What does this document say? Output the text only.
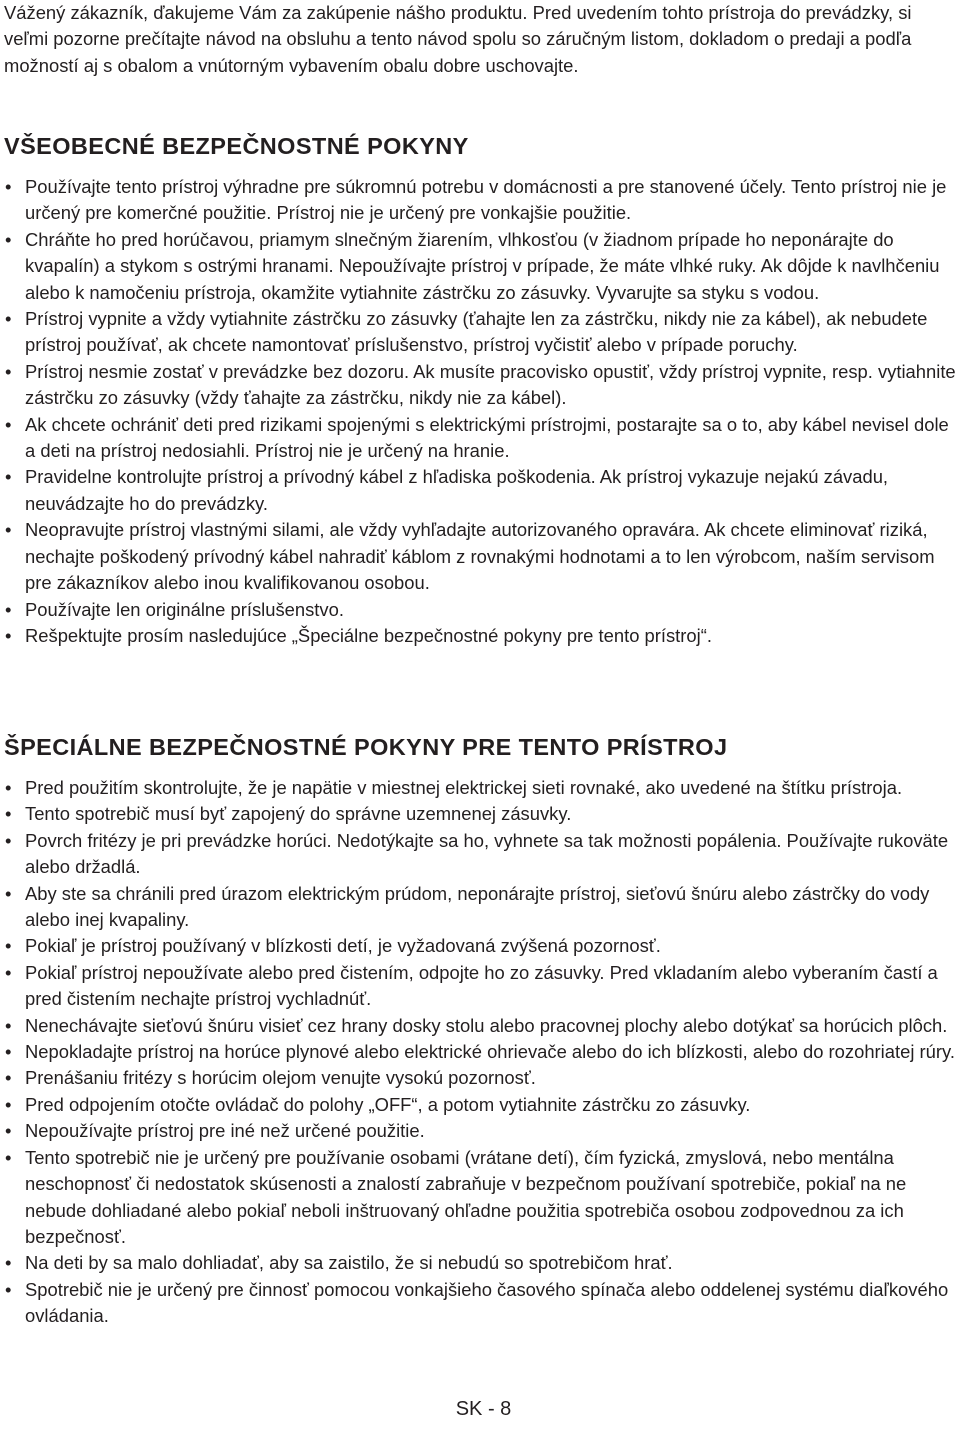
Vážený zákazník, ďakujeme Vám za zakúpenie nášho produktu. Pred uvedením tohto prístroja do prevádzky, si veľmi pozorne prečítajte návod na obsluhu a tento návod spolu so záručným listom, dokladom o predaji a podľa možností aj s obalom a vnútorným vybavením obalu dobre uschovajte.

VŠEOBECNÉ BEZPEČNOSTNÉ POKYNY
• Používajte tento prístroj výhradne pre súkromnú potrebu v domácnosti a pre stanovené účely. Tento prístroj nie je určený pre komerčné použitie. Prístroj nie je určený pre vonkajšie použitie.
• Chráňte ho pred horúčavou, priamym slnečným žiarením, vlhkosťou (v žiadnom prípade ho neponárajte do kvapalín) a stykom s ostrými hranami. Nepoužívajte prístroj v prípade, že máte vlhké ruky. Ak dôjde k navlhčeniu alebo k namočeniu prístroja, okamžite vytiahnite zástrčku zo zásuvky. Vyvarujte sa styku s vodou.
• Prístroj vypnite a vždy vytiahnite zástrčku zo zásuvky (ťahajte len za zástrčku, nikdy nie za kábel), ak nebudete prístroj používať, ak chcete namontovať príslušenstvo, prístroj vyčistiť alebo v prípade poruchy.
• Prístroj nesmie zostať v prevádzke bez dozoru. Ak musíte pracovisko opustiť, vždy prístroj vypnite, resp. vytiahnite zástrčku zo zásuvky (vždy ťahajte za zástrčku, nikdy nie za kábel).
• Ak chcete ochrániť deti pred rizikami spojenými s elektrickými prístrojmi, postarajte sa o to, aby kábel nevisel dole a deti na prístroj nedosiahli. Prístroj nie je určený na hranie.
• Pravidelne kontrolujte prístroj a prívodný kábel z hľadiska poškodenia. Ak prístroj vykazuje nejakú závadu, neuvádzajte ho do prevádzky.
• Neopravujte prístroj vlastnými silami, ale vždy vyhľadajte autorizovaného opravára. Ak chcete eliminovať riziká, nechajte poškodený prívodný kábel nahradiť káblom z rovnakými hodnotami a to len výrobcom, naším servisom pre zákazníkov alebo inou kvalifikovanou osobou.
• Používajte len originálne príslušenstvo.
• Rešpektujte prosím nasledujúce „Špeciálne bezpečnostné pokyny pre tento prístroj“.
ŠPECIÁLNE BEZPEČNOSTNÉ POKYNY PRE TENTO PRÍSTROJ
• Pred použitím skontrolujte, že je napätie v miestnej elektrickej sieti rovnaké, ako uvedené na štítku prístroja.
• Tento spotrebič musí byť zapojený do správne uzemnenej zásuvky.
• Povrch fritézy je pri prevádzke horúci. Nedotýkajte sa ho, vyhnete sa tak možnosti popálenia. Používajte rukoväte alebo držadlá.
• Aby ste sa chránili pred úrazom elektrickým prúdom, neponárajte prístroj, sieťovú šnúru alebo zástrčky do vody alebo inej kvapaliny.
• Pokiaľ je prístroj používaný v blízkosti detí, je vyžadovaná zvýšená pozornosť.
• Pokiaľ prístroj nepoužívate alebo pred čistením, odpojte ho zo zásuvky. Pred vkladaním alebo vyberaním častí a pred čistením nechajte prístroj vychladnúť.
• Nenechávajte sieťovú šnúru visieť cez hrany dosky stolu alebo pracovnej plochy alebo dotýkať sa horúcich plôch.
• Nepokladajte prístroj na horúce plynové alebo elektrické ohrievače alebo do ich blízkosti, alebo do rozohriatej rúry.
• Prenášaniu fritézy s horúcim olejom venujte vysokú pozornosť.
• Pred odpojením otočte ovládač do polohy „OFF“, a potom vytiahnite zástrčku zo zásuvky.
• Nepoužívajte prístroj pre iné než určené použitie.
• Tento spotrebič nie je určený pre používanie osobami (vrátane detí), čím fyzická, zmyslová, nebo mentálna neschopnosť či nedostatok skúsenosti a znalostí zabraňuje v bezpečnom používaní spotrebiče, pokiaľ na ne nebude dohliadané alebo pokiaľ neboli inštruovaný ohľadne použitia spotrebiča osobou zodpovednou za ich bezpečnosť.
• Na deti by sa malo dohliadať, aby sa zaistilo, že si nebudú so spotrebičom hrať.
• Spotrebič nie je určený pre činnosť pomocou vonkajšieho časového spínača alebo oddelenej systému diaľkového ovládania.
SK - 8
